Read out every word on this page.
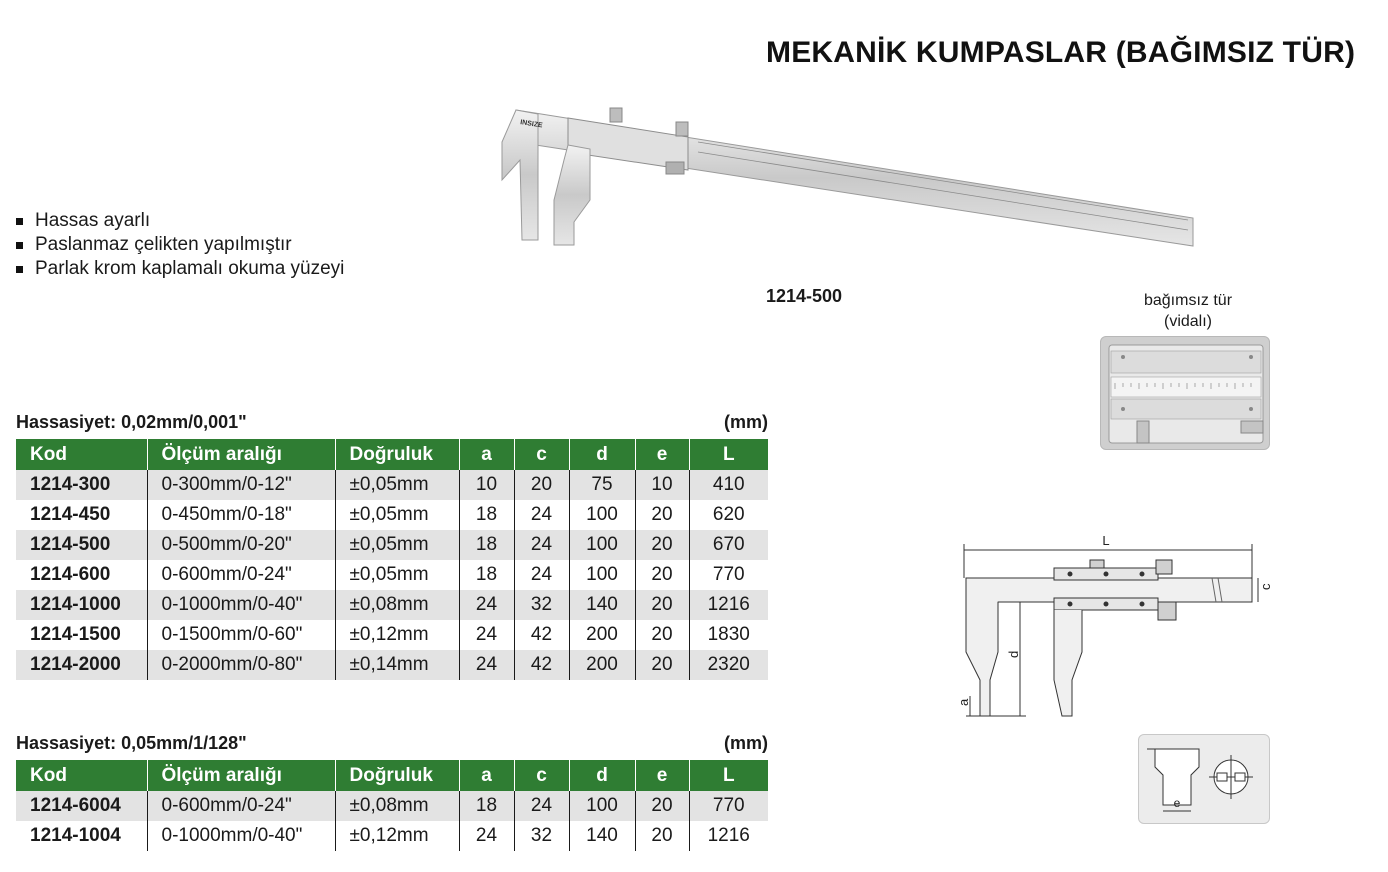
MEKANİK KUMPASLAR (BAĞIMSIZ TÜR)
Hassas ayarlı
Paslanmaz çelikten yapılmıştır
Parlak krom kaplamalı okuma yüzeyi
INSIZE
1214-500	bağımsız tür
(vidalı)
Hassasiyet: 0,02mm/0,001"	(mm)
Kod	Ölçüm aralığı	Doğruluk	a	c	d	e	L
1214-300	0-300mm/0-12"	±0,05mm	10	20	75	10	410
1214-450	0-450mm/0-18"	±0,05mm	18	24	100	20	620
1214-500	0-500mm/0-20"	±0,05mm	18	24	100	20	670
1214-600	0-600mm/0-24"	±0,05mm	18	24	100	20	770
1214-1000	0-1000mm/0-40"	±0,08mm	24	32	140	20	1216
1214-1500	0-1500mm/0-60"	±0,12mm	24	42	200	20	1830
1214-2000	0-2000mm/0-80"	±0,14mm	24	42	200	20	2320
Hassasiyet: 0,05mm/1/128"	(mm)
Kod	Ölçüm aralığı	Doğruluk	a	c	d	e	L
1214-6004	0-600mm/0-24"	±0,08mm	18	24	100	20	770
1214-1004	0-1000mm/0-40"	±0,12mm	24	32	140	20	1216
L
c
d
a
e
